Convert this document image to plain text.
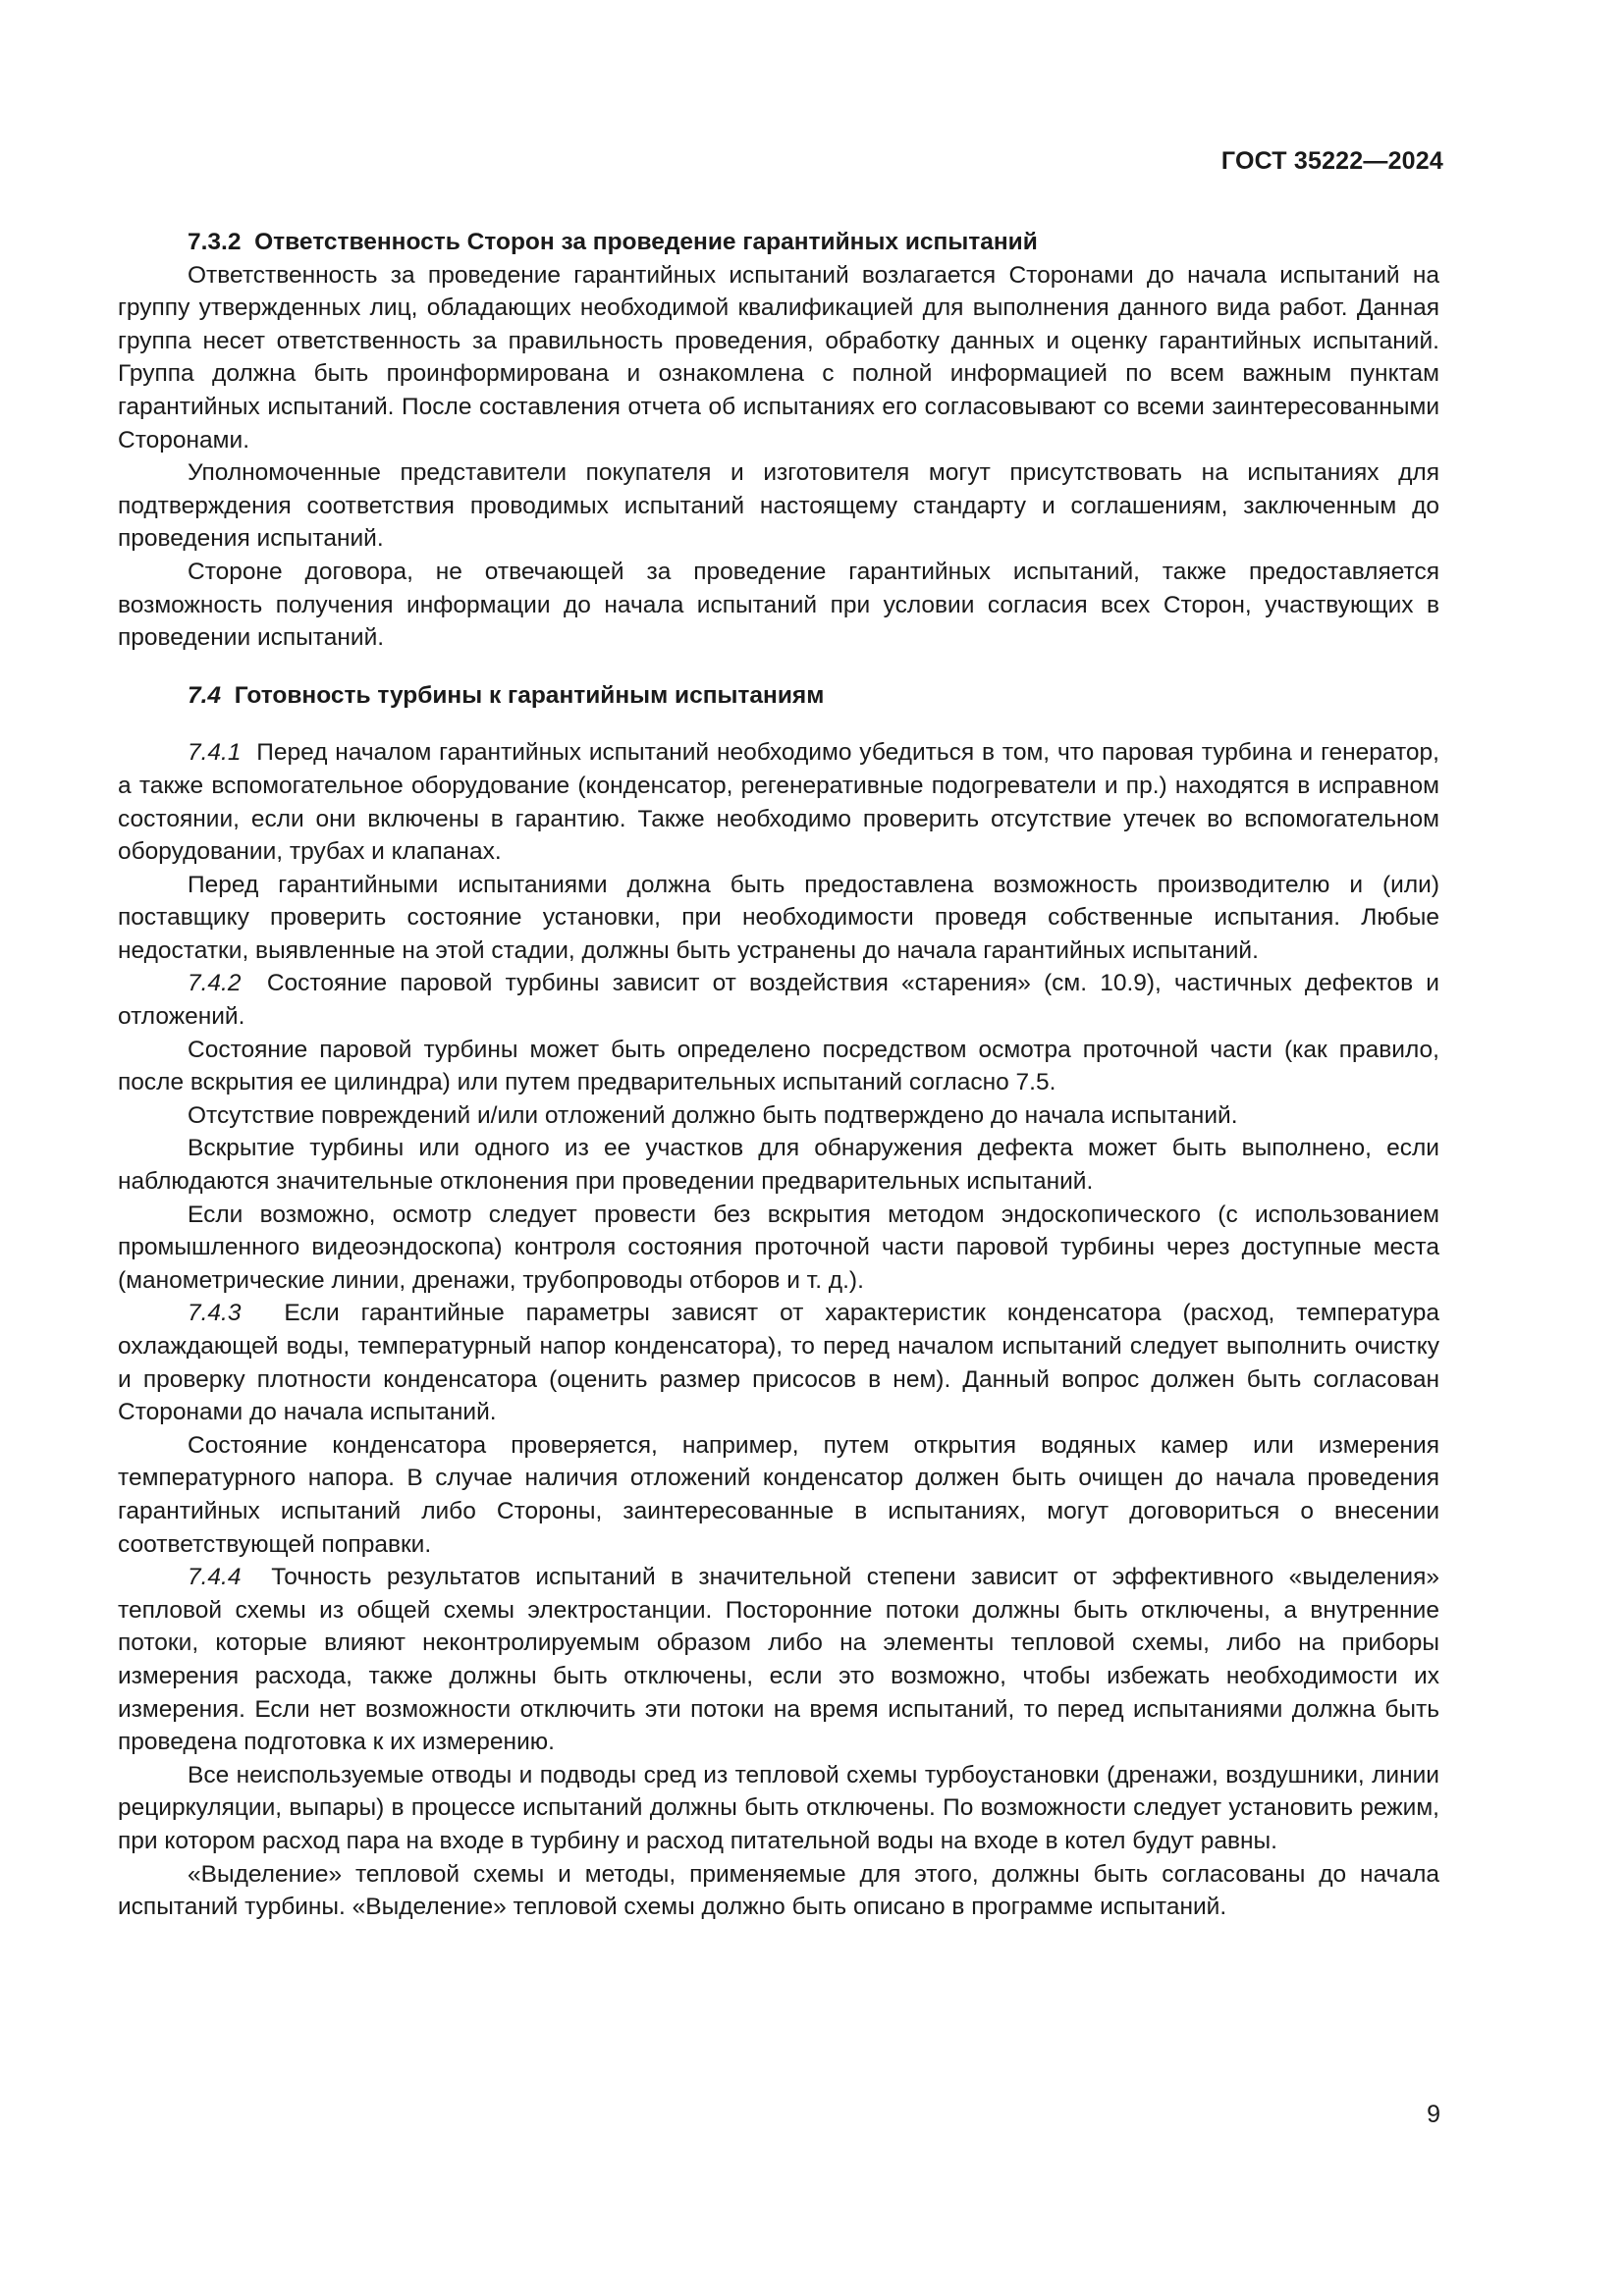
ГОСТ 35222—2024

7.3.2 Ответственность Сторон за проведение гарантийных испытаний

Ответственность за проведение гарантийных испытаний возлагается Сторонами до начала испытаний на группу утвержденных лиц, обладающих необходимой квалификацией для выполнения данного вида работ. Данная группа несет ответственность за правильность проведения, обработку данных и оценку гарантийных испытаний. Группа должна быть проинформирована и ознакомлена с полной информацией по всем важным пунктам гарантийных испытаний. После составления отчета об испытаниях его согласовывают со всеми заинтересованными Сторонами.

Уполномоченные представители покупателя и изготовителя могут присутствовать на испытаниях для подтверждения соответствия проводимых испытаний настоящему стандарту и соглашениям, заключенным до проведения испытаний.

Стороне договора, не отвечающей за проведение гарантийных испытаний, также предоставляется возможность получения информации до начала испытаний при условии согласия всех Сторон, участвующих в проведении испытаний.

7.4 Готовность турбины к гарантийным испытаниям

7.4.1 Перед началом гарантийных испытаний необходимо убедиться в том, что паровая турбина и генератор, а также вспомогательное оборудование (конденсатор, регенеративные подогреватели и пр.) находятся в исправном состоянии, если они включены в гарантию. Также необходимо проверить отсутствие утечек во вспомогательном оборудовании, трубах и клапанах.

Перед гарантийными испытаниями должна быть предоставлена возможность производителю и (или) поставщику проверить состояние установки, при необходимости проведя собственные испытания. Любые недостатки, выявленные на этой стадии, должны быть устранены до начала гарантийных испытаний.

7.4.2 Состояние паровой турбины зависит от воздействия «старения» (см. 10.9), частичных дефектов и отложений.

Состояние паровой турбины может быть определено посредством осмотра проточной части (как правило, после вскрытия ее цилиндра) или путем предварительных испытаний согласно 7.5.

Отсутствие повреждений и/или отложений должно быть подтверждено до начала испытаний.

Вскрытие турбины или одного из ее участков для обнаружения дефекта может быть выполнено, если наблюдаются значительные отклонения при проведении предварительных испытаний.

Если возможно, осмотр следует провести без вскрытия методом эндоскопического (с использованием промышленного видеоэндоскопа) контроля состояния проточной части паровой турбины через доступные места (манометрические линии, дренажи, трубопроводы отборов и т. д.).

7.4.3 Если гарантийные параметры зависят от характеристик конденсатора (расход, температура охлаждающей воды, температурный напор конденсатора), то перед началом испытаний следует выполнить очистку и проверку плотности конденсатора (оценить размер присосов в нем). Данный вопрос должен быть согласован Сторонами до начала испытаний.

Состояние конденсатора проверяется, например, путем открытия водяных камер или измерения температурного напора. В случае наличия отложений конденсатор должен быть очищен до начала проведения гарантийных испытаний либо Стороны, заинтересованные в испытаниях, могут договориться о внесении соответствующей поправки.

7.4.4 Точность результатов испытаний в значительной степени зависит от эффективного «выделения» тепловой схемы из общей схемы электростанции. Посторонние потоки должны быть отключены, а внутренние потоки, которые влияют неконтролируемым образом либо на элементы тепловой схемы, либо на приборы измерения расхода, также должны быть отключены, если это возможно, чтобы избежать необходимости их измерения. Если нет возможности отключить эти потоки на время испытаний, то перед испытаниями должна быть проведена подготовка к их измерению.

Все неиспользуемые отводы и подводы сред из тепловой схемы турбоустановки (дренажи, воздушники, линии рециркуляции, выпары) в процессе испытаний должны быть отключены. По возможности следует установить режим, при котором расход пара на входе в турбину и расход питательной воды на входе в котел будут равны.

«Выделение» тепловой схемы и методы, применяемые для этого, должны быть согласованы до начала испытаний турбины. «Выделение» тепловой схемы должно быть описано в программе испытаний.

9
